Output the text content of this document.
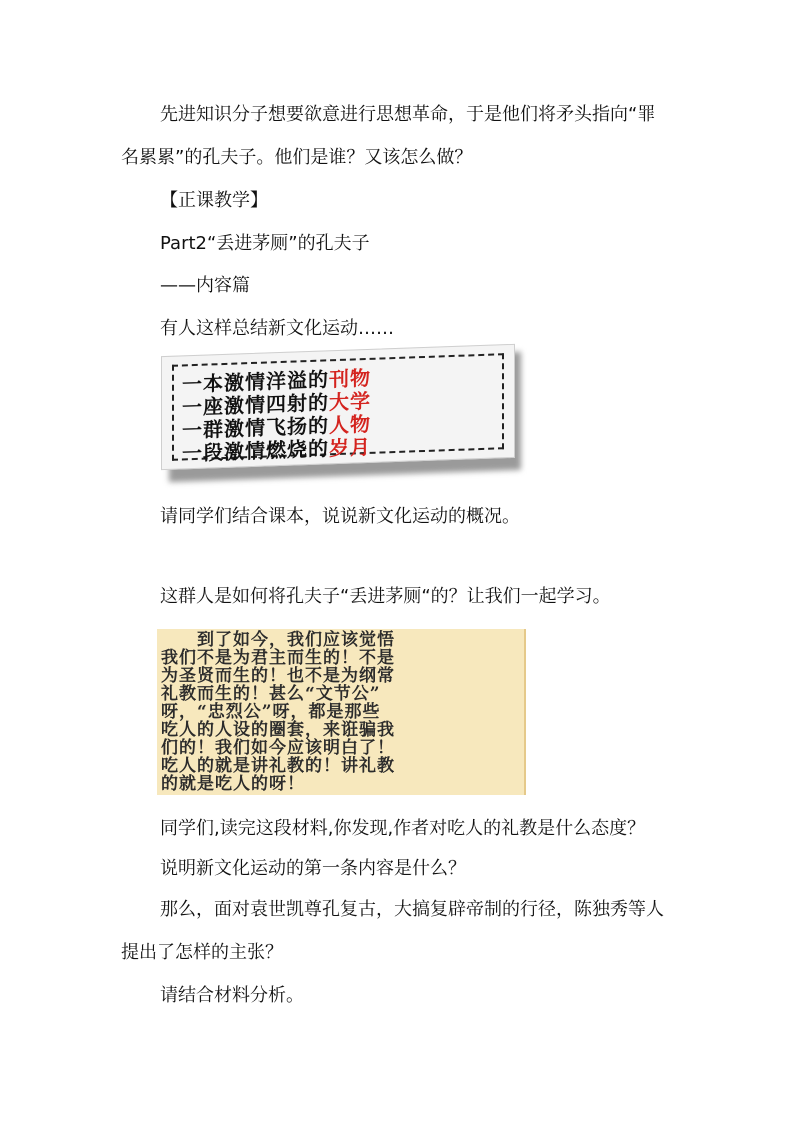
先进知识分子想要欲意进行思想革命，于是他们将矛头指向“罪
名累累”的孔夫子。他们是谁？又该怎么做？
【正课教学】
Part2“丢进茅厕”的孔夫子
——内容篇
有人这样总结新文化运动……
一本激情洋溢的刊物
一座激情四射的大学
一群激情飞扬的人物
一段激情燃烧的岁月
请同学们结合课本，说说新文化运动的概况。
这群人是如何将孔夫子“丢进茅厕“的？让我们一起学习。
　　到了如今，我们应该觉悟
我们不是为君主而生的！不是
为圣贤而生的！也不是为纲常
礼教而生的！甚么“文节公”
呀，“忠烈公”呀，都是那些
吃人的人设的圈套，来诳骗我
们的！我们如今应该明白了！
吃人的就是讲礼教的！讲礼教
的就是吃人的呀！
同学们,读完这段材料,你发现,作者对吃人的礼教是什么态度？
说明新文化运动的第一条内容是什么？
那么，面对袁世凯尊孔复古，大搞复辟帝制的行径，陈独秀等人
提出了怎样的主张？
请结合材料分析。
